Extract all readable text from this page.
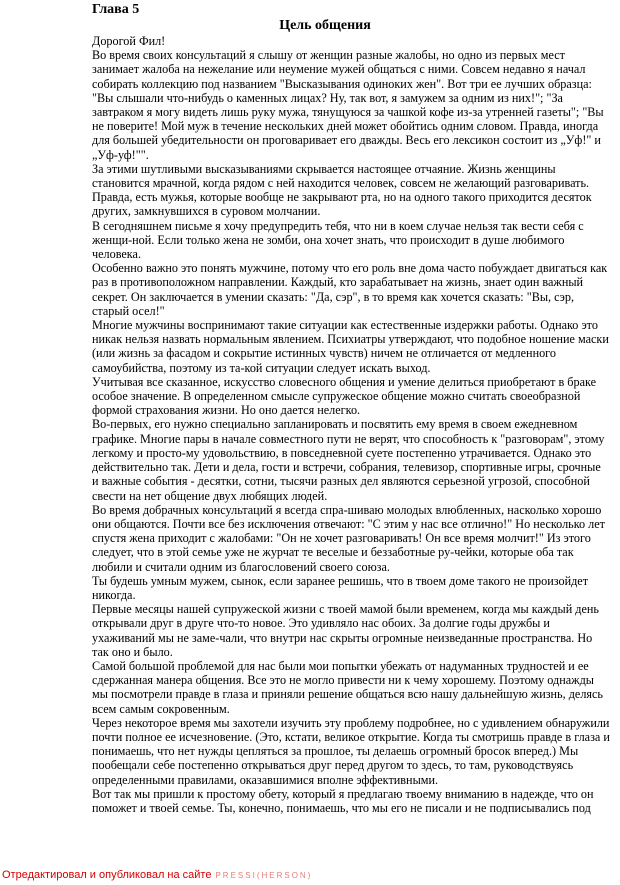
Глава 5
Цель общения

Дорогой Фил!

Во время своих консультаций я слышу от женщин разные жалобы, но одно из первых мест занимает жалоба на нежелание или неумение мужей общаться с ними. Совсем недавно я начал собирать коллекцию под названием "Высказывания одиноких жен". Вот три ее лучших образца: "Вы слышали что-нибудь о каменных лицах? Ну, так вот, я замужем за одним из них!"; "За завтраком я могу видеть лишь руку мужа, тянущуюся за чашкой кофе из-за утренней газеты"; "Вы не поверите! Мой муж в течение нескольких дней может обойтись одним словом. Правда, иногда для большей убедительности он проговаривает его дважды. Весь его лексикон состоит из „Уф!" и „Уф-уф!"".

За этими шутливыми высказываниями скрывается настоящее отчаяние. Жизнь женщины становится мрачной, когда рядом с ней находится человек, совсем не желающий разговаривать. Правда, есть мужья, которые вообще не закрывают рта, но на одного такого приходится десяток других, замкнувшихся в суровом молчании.

В сегодняшнем письме я хочу предупредить тебя, что ни в коем случае нельзя так вести себя с женщи-ной. Если только жена не зомби, она хочет знать, что происходит в душе любимого человека.

Особенно важно это понять мужчине, потому что его роль вне дома часто побуждает двигаться как раз в противоположном направлении. Каждый, кто зарабатывает на жизнь, знает один важный секрет. Он заключается в умении сказать: "Да, сэр", в то время как хочется сказать: "Вы, сэр, старый осел!"

Многие мужчины воспринимают такие ситуации как естественные издержки работы. Однако это никак нельзя назвать нормальным явлением. Психиатры утверждают, что подобное ношение маски (или жизнь за фасадом и сокрытие истинных чувств) ничем не отличается от медленного самоубийства, поэтому из та-кой ситуации следует искать выход.

Учитывая все сказанное, искусство словесного общения и умение делиться приобретают в браке особое значение. В определенном смысле супружеское общение можно считать своеобразной формой страхования жизни. Но оно дается нелегко.

Во-первых, его нужно специально запланировать и посвятить ему время в своем ежедневном графике. Многие пары в начале совместного пути не верят, что способность к "разговорам", этому легкому и просто-му удовольствию, в повседневной суете постепенно утрачивается. Однако это действительно так. Дети и дела, гости и встречи, собрания, телевизор, спортивные игры, срочные и важные события - десятки, сотни, тысячи разных дел являются серьезной угрозой, способной свести на нет общение двух любящих людей.

Во время добрачных консультаций я всегда спра-шиваю молодых влюбленных, насколько хорошо они общаются. Почти все без исключения отвечают: "С этим у нас все отлично!" Но несколько лет спустя жена приходит с жалобами: "Он не хочет разговаривать! Он все время молчит!" Из этого следует, что в этой семье уже не журчат те веселые и беззаботные ру-чейки, которые оба так любили и считали одним из благословений своего союза.

Ты будешь умным мужем, сынок, если заранее решишь, что в твоем доме такого не произойдет никогда.

Первые месяцы нашей супружеской жизни с твоей мамой были временем, когда мы каждый день открывали друг в друге что-то новое. Это удивляло нас обоих. За долгие годы дружбы и ухаживаний мы не заме-чали, что внутри нас скрыты огромные неизведанные пространства. Но так оно и было.

Самой большой проблемой для нас были мои попытки убежать от надуманных трудностей и ее сдержанная манера общения. Все это не могло привести ни к чему хорошему. Поэтому однажды мы посмотрели правде в глаза и приняли решение общаться всю нашу дальнейшую жизнь, делясь всем самым сокровенным.

Через некоторое время мы захотели изучить эту проблему подробнее, но с удивлением обнаружили почти полное ее исчезновение. (Это, кстати, великое открытие. Когда ты смотришь правде в глаза и понимаешь, что нет нужды цепляться за прошлое, ты делаешь огромный бросок вперед.) Мы пообещали себе постепенно открываться друг перед другом то здесь, то там, руководствуясь определенными правилами, оказавшимися вполне эффективными.

Вот так мы пришли к простому обету, который я предлагаю твоему вниманию в надежде, что он поможет и твоей семье. Ты, конечно, понимаешь, что мы его не писали и не подписывались под

Отредактировал и опубликовал на сайте PRESSI(HERSON)
